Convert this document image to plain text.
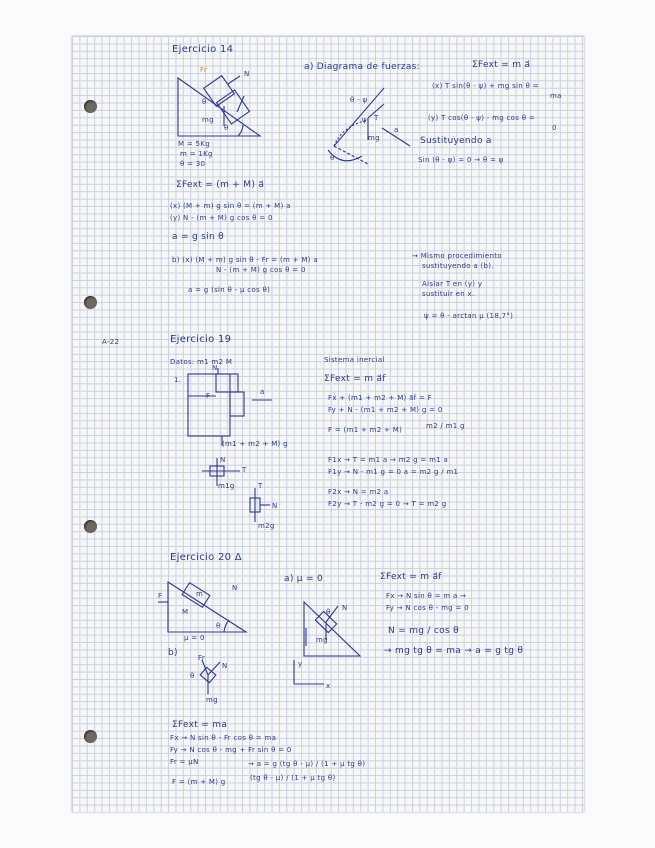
Ejercicio 14
Fr	N
θ
mg
θ
M = 5Kg
m = 1Kg
θ = 30
a) Diagrama de fuerzas:	ΣFext = m a⃗
(x) T sin(θ - ψ) + mg sin θ =
ma
(y) T cos(θ - ψ) - mg cos θ =
0
Sustituyendo a
Sin (θ - ψ) = 0 → θ = ψ
θ - ψ
ψ T
mg
a
θ
ΣFext = (m + M) a⃗
(x) (M + m) g sin θ = (m + M) a
(y) N - (m + M) g cos θ = 0
a = g sin θ
b) (x) (M + m) g sin θ - Fr = (m + M) a
N - (m + M) g cos θ = 0
a = g (sin θ - μ cos θ)
→ Mismo procedimiento
sustituyendo a (b).
Aislar T en (y) y
sustituir en x.
ψ = θ - arctan μ (18,7°)
A-22	Ejercicio 19
Datos: m1 m2 M
1.
N
F	a
(m1 + m2 + M) g
N
T
m1g	T
N
m2g
Sistema inercial
ΣFext = m a⃗f
Fx + (m1 + m2 + M) a⃗f = F
Fy + N - (m1 + m2 + M) g = 0
F = (m1 + m2 + M)	m2 / m1 g
F1x → T = m1 a → m2 g = m1 a
F1y → N - m1 g = 0 a = m2 g / m1
F2x → N = m2 a
F2y → T - m2 g = 0 → T = m2 g
Ejercicio 20 Δ
m
N
F
M
θ
μ = 0
a) μ = 0	ΣFext = m a⃗f
Fx → N sin θ = m a →
Fy → N cos θ - mg = 0
N = mg / cos θ
→ mg tg θ = ma → a = g tg θ
N
θ
mg
y
x
b)	Fr
N
θ
mg
ΣFext = ma
Fx → N sin θ - Fr cos θ = ma
Fy → N cos θ - mg + Fr sin θ = 0
Fr = μN	→ a = g (tg θ - μ) / (1 + μ tg θ)
F = (m + M) g	(tg θ - μ) / (1 + μ tg θ)
